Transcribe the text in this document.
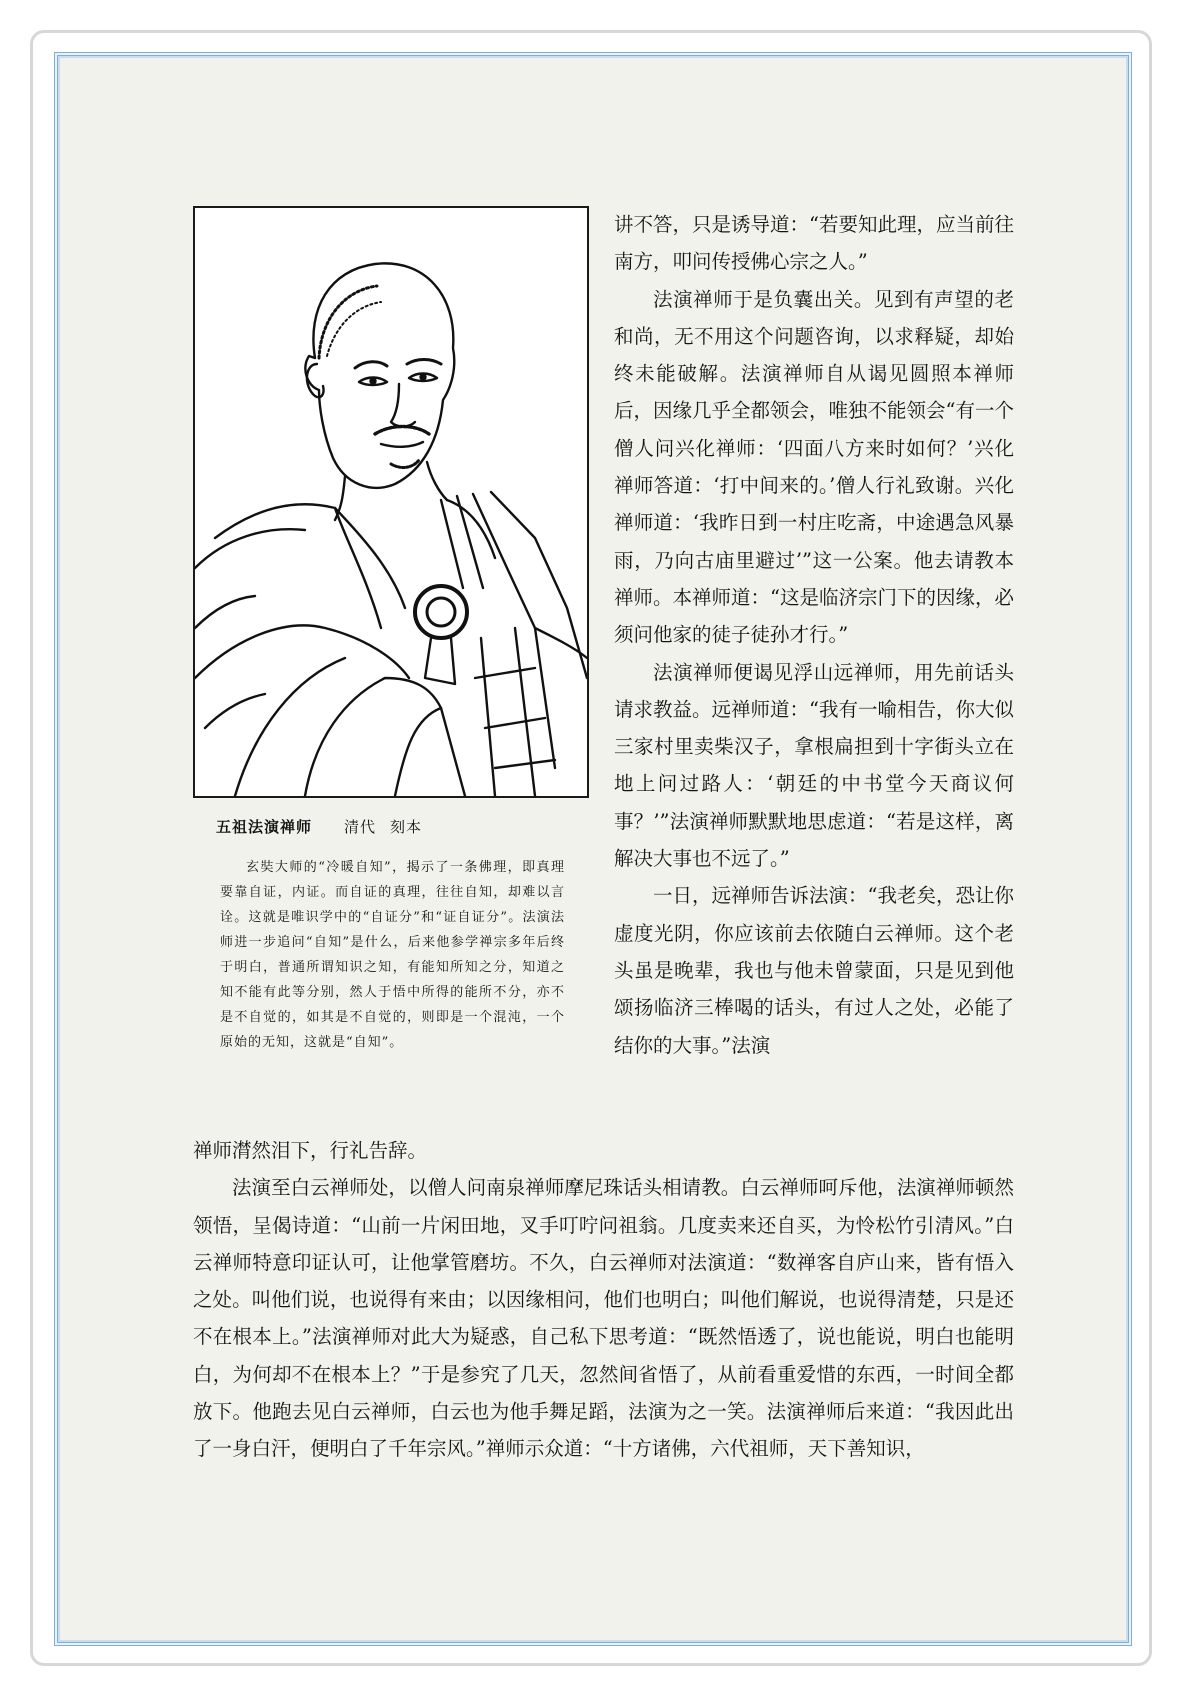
五祖法演禅师 清代 刻本

玄奘大师的“冷暖自知”，揭示了一条佛理，即真理要靠自证，内证。而自证的真理，往往自知，却难以言诠。这就是唯识学中的“自证分”和“证自证分”。法演法师进一步追问“自知”是什么，后来他参学禅宗多年后终于明白，普通所谓知识之知，有能知所知之分，知道之知不能有此等分别，然人于悟中所得的能所不分，亦不是不自觉的，如其是不自觉的，则即是一个混沌，一个原始的无知，这就是“自知”。

讲不答，只是诱导道：“若要知此理，应当前往南方，叩问传授佛心宗之人。”

法演禅师于是负囊出关。见到有声望的老和尚，无不用这个问题咨询，以求释疑，却始终未能破解。法演禅师自从谒见圆照本禅师后，因缘几乎全都领会，唯独不能领会“有一个僧人问兴化禅师：‘四面八方来时如何？’兴化禅师答道：‘打中间来的。’僧人行礼致谢。兴化禅师道：‘我昨日到一村庄吃斋，中途遇急风暴雨，乃向古庙里避过’”这一公案。他去请教本禅师。本禅师道：“这是临济宗门下的因缘，必须问他家的徒子徒孙才行。”

法演禅师便谒见浮山远禅师，用先前话头请求教益。远禅师道：“我有一喻相告，你大似三家村里卖柴汉子，拿根扁担到十字街头立在地上问过路人：‘朝廷的中书堂今天商议何事？’”法演禅师默默地思虑道：“若是这样，离解决大事也不远了。”

一日，远禅师告诉法演：“我老矣，恐让你虚度光阴，你应该前去依随白云禅师。这个老头虽是晚辈，我也与他未曾蒙面，只是见到他颂扬临济三棒喝的话头，有过人之处，必能了结你的大事。”法演

禅师潸然泪下，行礼告辞。

法演至白云禅师处，以僧人问南泉禅师摩尼珠话头相请教。白云禅师呵斥他，法演禅师顿然领悟，呈偈诗道：“山前一片闲田地，叉手叮咛问祖翁。几度卖来还自买，为怜松竹引清风。”白云禅师特意印证认可，让他掌管磨坊。不久，白云禅师对法演道：“数禅客自庐山来，皆有悟入之处。叫他们说，也说得有来由；以因缘相问，他们也明白；叫他们解说，也说得清楚，只是还不在根本上。”法演禅师对此大为疑惑，自己私下思考道：“既然悟透了，说也能说，明白也能明白，为何却不在根本上？”于是参究了几天，忽然间省悟了，从前看重爱惜的东西，一时间全都放下。他跑去见白云禅师，白云也为他手舞足蹈，法演为之一笑。法演禅师后来道：“我因此出了一身白汗，便明白了千年宗风。”禅师示众道：“十方诸佛，六代祖师，天下善知识，
